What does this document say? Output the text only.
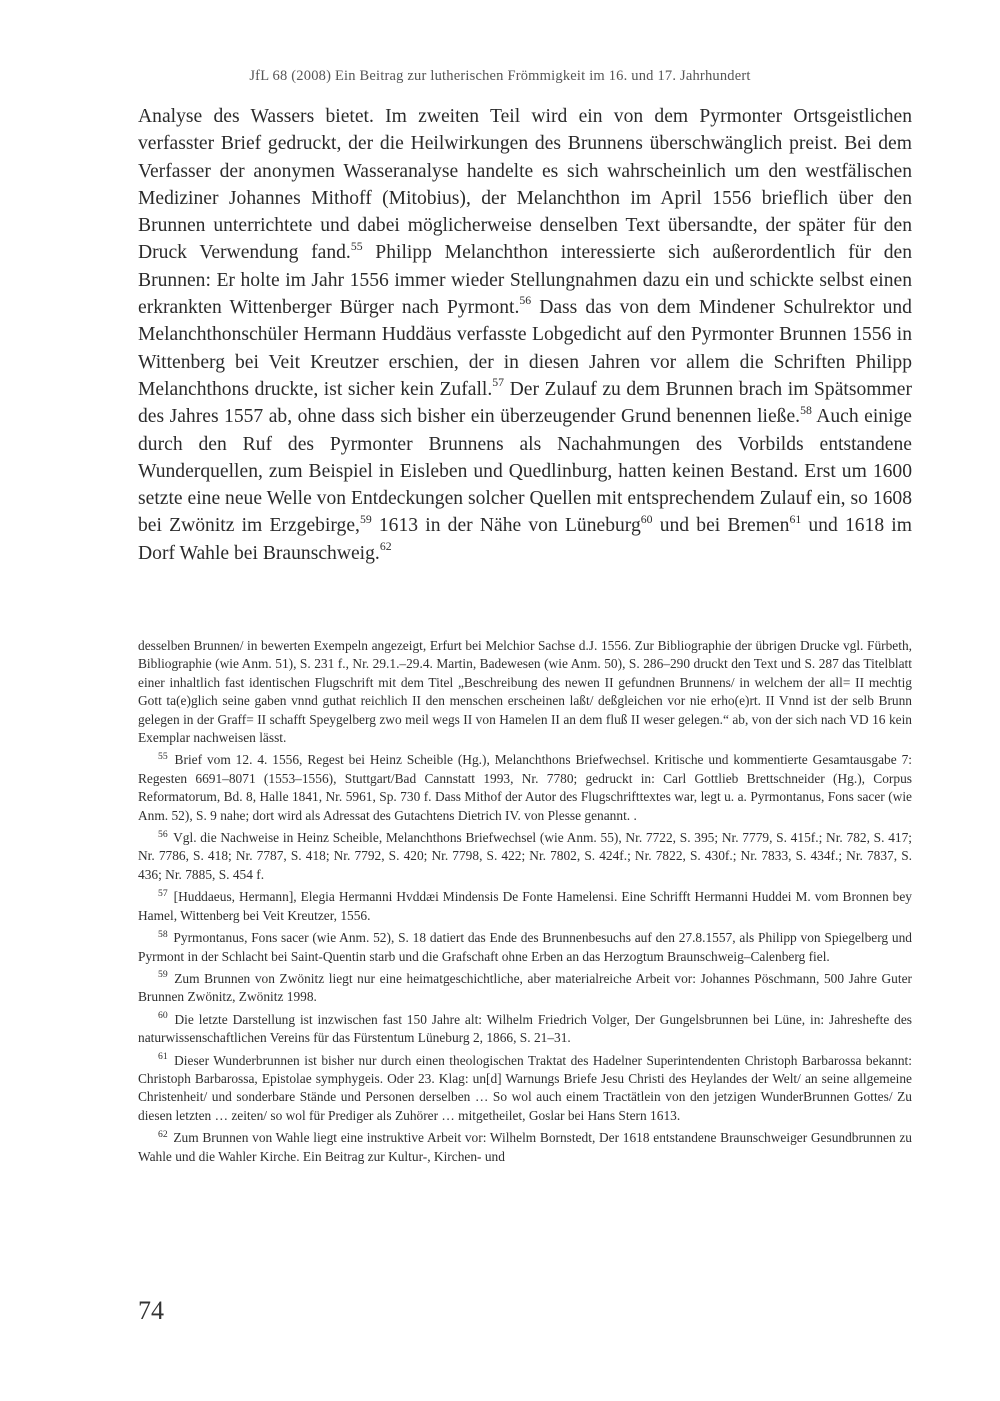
JfL 68 (2008) Ein Beitrag zur lutherischen Frömmigkeit im 16. und 17. Jahrhundert

Analyse des Wassers bietet. Im zweiten Teil wird ein von dem Pyrmonter Ortsgeistlichen verfasster Brief gedruckt, der die Heilwirkungen des Brunnens überschwänglich preist. Bei dem Verfasser der anonymen Wasseranalyse handelte es sich wahrscheinlich um den westfälischen Mediziner Johannes Mithoff (Mitobius), der Melanchthon im April 1556 brieflich über den Brunnen unterrichtete und dabei möglicherweise denselben Text übersandte, der später für den Druck Verwendung fand.$^{55}$ Philipp Melanchthon interessierte sich außerordentlich für den Brunnen: Er holte im Jahr 1556 immer wieder Stellungnahmen dazu ein und schickte selbst einen erkrankten Wittenberger Bürger nach Pyrmont.$^{56}$ Dass das von dem Mindener Schulrektor und Melanchthonschüler Hermann Huddäus verfasste Lobgedicht auf den Pyrmonter Brunnen 1556 in Wittenberg bei Veit Kreutzer erschien, der in diesen Jahren vor allem die Schriften Philipp Melanchthons druckte, ist sicher kein Zufall.$^{57}$ Der Zulauf zu dem Brunnen brach im Spätsommer des Jahres 1557 ab, ohne dass sich bisher ein überzeugender Grund benennen ließe.$^{58}$ Auch einige durch den Ruf des Pyrmonter Brunnens als Nachahmungen des Vorbilds entstandene Wunderquellen, zum Beispiel in Eisleben und Quedlinburg, hatten keinen Bestand. Erst um 1600 setzte eine neue Welle von Entdeckungen solcher Quellen mit entsprechendem Zulauf ein, so 1608 bei Zwönitz im Erzgebirge,$^{59}$ 1613 in der Nähe von Lüneburg$^{60}$ und bei Bremen$^{61}$ und 1618 im Dorf Wahle bei Braunschweig.$^{62}$

desselben Brunnen/ in bewerten Exempeln angezeigt, Erfurt bei Melchior Sachse d.J. 1556. Zur Bibliographie der übrigen Drucke vgl. Fürbeth, Bibliographie (wie Anm. 51), S. 231 f., Nr. 29.1.–29.4. Martin, Badewesen (wie Anm. 50), S. 286–290 druckt den Text und S. 287 das Titelblatt einer inhaltlich fast identischen Flugschrift mit dem Titel „Beschreibung des newen II gefundnen Brunnens/ in welchem der all= II mechtig Gott ta(e)glich seine gaben vnnd guthat reichlich II den menschen erscheinen laßt/ deßgleichen vor nie erho(e)rt. II Vnnd ist der selb Brunn gelegen in der Graff= II schafft Speygelberg zwo meil wegs II von Hamelen II an dem fluß II weser gelegen.“ ab, von der sich nach VD 16 kein Exemplar nachweisen lässt.

$^{55}$ Brief vom 12. 4. 1556, Regest bei Heinz Scheible (Hg.), Melanchthons Briefwechsel. Kritische und kommentierte Gesamtausgabe 7: Regesten 6691–8071 (1553–1556), Stuttgart/Bad Cannstatt 1993, Nr. 7780; gedruckt in: Carl Gottlieb Brettschneider (Hg.), Corpus Reformatorum, Bd. 8, Halle 1841, Nr. 5961, Sp. 730 f. Dass Mithof der Autor des Flugschrifttextes war, legt u. a. Pyrmontanus, Fons sacer (wie Anm. 52), S. 9 nahe; dort wird als Adressat des Gutachtens Dietrich IV. von Plesse genannt. .

$^{56}$ Vgl. die Nachweise in Heinz Scheible, Melanchthons Briefwechsel (wie Anm. 55), Nr. 7722, S. 395; Nr. 7779, S. 415f.; Nr. 782, S. 417; Nr. 7786, S. 418; Nr. 7787, S. 418; Nr. 7792, S. 420; Nr. 7798, S. 422; Nr. 7802, S. 424f.; Nr. 7822, S. 430f.; Nr. 7833, S. 434f.; Nr. 7837, S. 436; Nr. 7885, S. 454 f.

$^{57}$ [Huddaeus, Hermann], Elegia Hermanni Hvddæi Mindensis De Fonte Hamelensi. Eine Schrifft Hermanni Huddei M. vom Bronnen bey Hamel, Wittenberg bei Veit Kreutzer, 1556.

$^{58}$ Pyrmontanus, Fons sacer (wie Anm. 52), S. 18 datiert das Ende des Brunnenbesuchs auf den 27.8.1557, als Philipp von Spiegelberg und Pyrmont in der Schlacht bei Saint-Quentin starb und die Grafschaft ohne Erben an das Herzogtum Braunschweig–Calenberg fiel.

$^{59}$ Zum Brunnen von Zwönitz liegt nur eine heimatgeschichtliche, aber materialreiche Arbeit vor: Johannes Pöschmann, 500 Jahre Guter Brunnen Zwönitz, Zwönitz 1998.

$^{60}$ Die letzte Darstellung ist inzwischen fast 150 Jahre alt: Wilhelm Friedrich Volger, Der Gungelsbrunnen bei Lüne, in: Jahreshefte des naturwissenschaftlichen Vereins für das Fürstentum Lüneburg 2, 1866, S. 21–31.

$^{61}$ Dieser Wunderbrunnen ist bisher nur durch einen theologischen Traktat des Hadelner Superintendenten Christoph Barbarossa bekannt: Christoph Barbarossa, Epistolae symphygeis. Oder 23. Klag: un[d] Warnungs Briefe Jesu Christi des Heylandes der Welt/ an seine allgemeine Christenheit/ und sonderbare Stände und Personen derselben … So wol auch einem Tractätlein von den jetzigen WunderBrunnen Gottes/ Zu diesen letzten … zeiten/ so wol für Prediger als Zuhörer … mitgetheilet, Goslar bei Hans Stern 1613.

$^{62}$ Zum Brunnen von Wahle liegt eine instruktive Arbeit vor: Wilhelm Bornstedt, Der 1618 entstandene Braunschweiger Gesundbrunnen zu Wahle und die Wahler Kirche. Ein Beitrag zur Kultur-, Kirchen- und

74
